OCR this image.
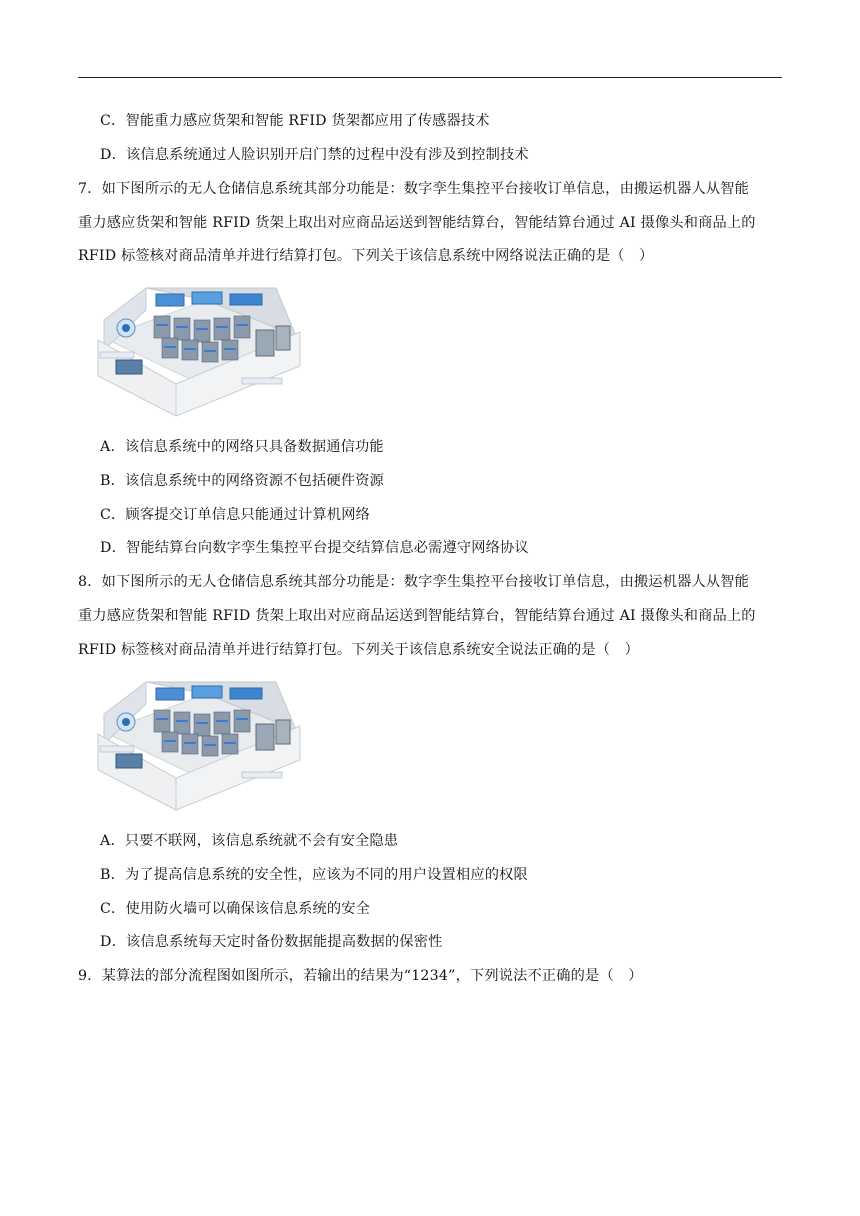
C．智能重力感应货架和智能 RFID 货架都应用了传感器技术
D．该信息系统通过人脸识别开启门禁的过程中没有涉及到控制技术
7．如下图所示的无人仓储信息系统其部分功能是：数字孪生集控平台接收订单信息，由搬运机器人从智能
重力感应货架和智能 RFID 货架上取出对应商品运送到智能结算台，智能结算台通过 AI 摄像头和商品上的
RFID 标签核对商品清单并进行结算打包。下列关于该信息系统中网络说法正确的是（　）
A．该信息系统中的网络只具备数据通信功能
B．该信息系统中的网络资源不包括硬件资源
C．顾客提交订单信息只能通过计算机网络
D．智能结算台向数字孪生集控平台提交结算信息必需遵守网络协议
8．如下图所示的无人仓储信息系统其部分功能是：数字孪生集控平台接收订单信息，由搬运机器人从智能
重力感应货架和智能 RFID 货架上取出对应商品运送到智能结算台，智能结算台通过 AI 摄像头和商品上的
RFID 标签核对商品清单并进行结算打包。下列关于该信息系统安全说法正确的是（　）
A．只要不联网，该信息系统就不会有安全隐患
B．为了提高信息系统的安全性，应该为不同的用户设置相应的权限
C．使用防火墙可以确保该信息系统的安全
D．该信息系统每天定时备份数据能提高数据的保密性
9．某算法的部分流程图如图所示，若输出的结果为“1234”，下列说法不正确的是（　）
